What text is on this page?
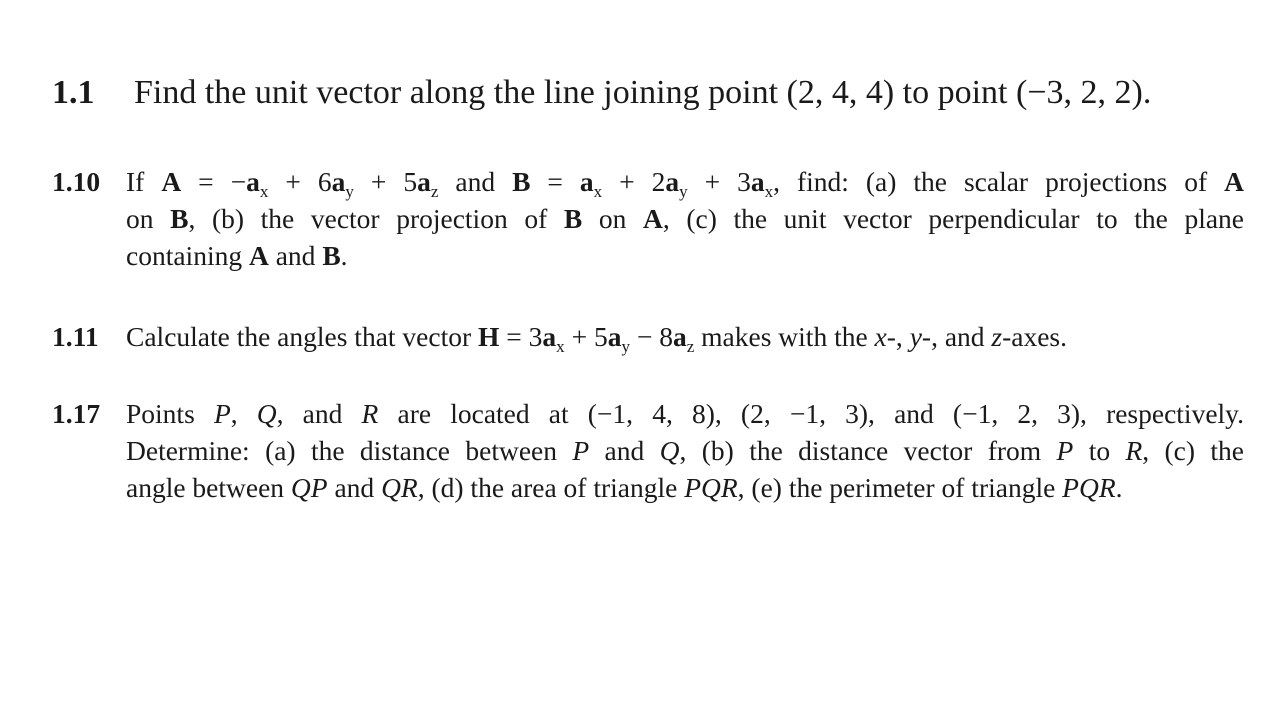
1.1 Find the unit vector along the line joining point (2, 4, 4) to point (−3, 2, 2).
1.10 If $A = -a_x + 6a_y + 5a_z$ and $B = a_x + 2a_y + 3a_x$, find: (a) the scalar projections of A
on B, (b) the vector projection of B on A, (c) the unit vector perpendicular to the plane
containing A and B.
1.11 Calculate the angles that vector $H = 3a_x + 5a_y - 8a_z$ makes with the x-, y-, and z-axes.
1.17 Points P, Q, and R are located at (−1, 4, 8), (2, −1, 3), and (−1, 2, 3), respectively.
Determine: (a) the distance between P and Q, (b) the distance vector from P to R, (c) the
angle between QP and QR, (d) the area of triangle PQR, (e) the perimeter of triangle PQR.
